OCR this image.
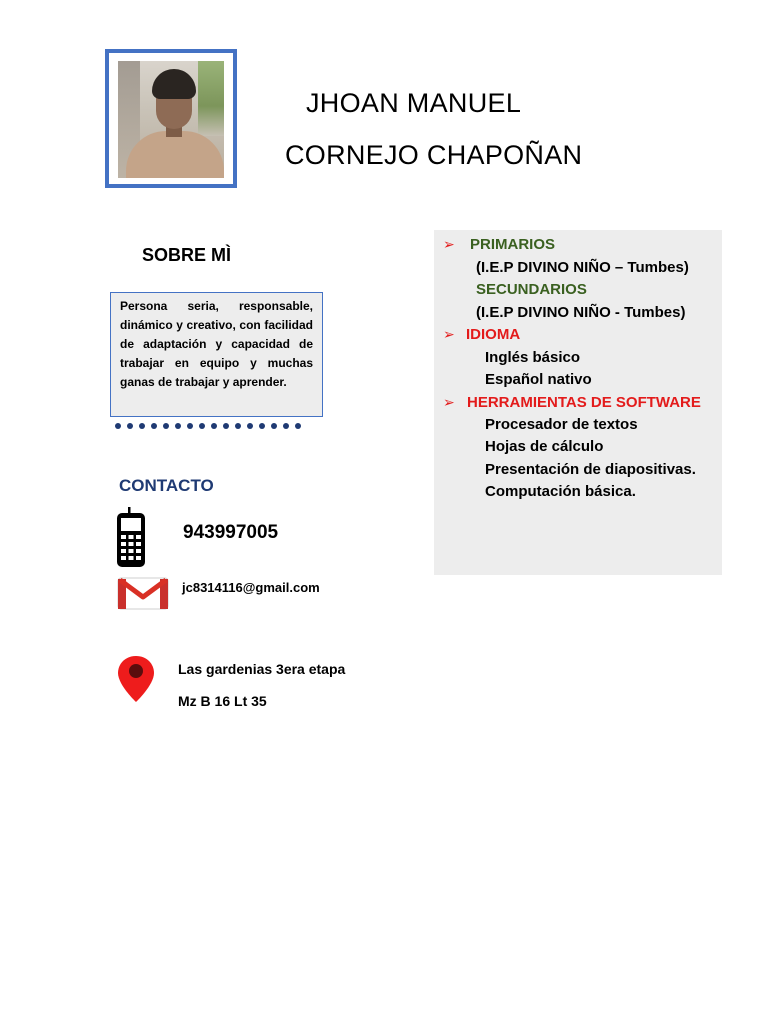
JHOAN MANUEL
CORNEJO CHAPOÑAN
SOBRE MÌ
Persona seria, responsable, dinámico y creativo, con facilidad de adaptación y capacidad de trabajar en equipo y muchas ganas de trabajar y aprender.
CONTACTO
943997005
jc8314116@gmail.com
Las gardenias 3era etapa
Mz B 16 Lt 35
➢ PRIMARIOS
(I.E.P DIVINO NIÑO – Tumbes)
SECUNDARIOS
(I.E.P DIVINO NIÑO - Tumbes)
➢ IDIOMA
Inglés básico
Español nativo
➢ HERRAMIENTAS DE SOFTWARE
Procesador de textos
Hojas de cálculo
Presentación de diapositivas.
Computación básica.
